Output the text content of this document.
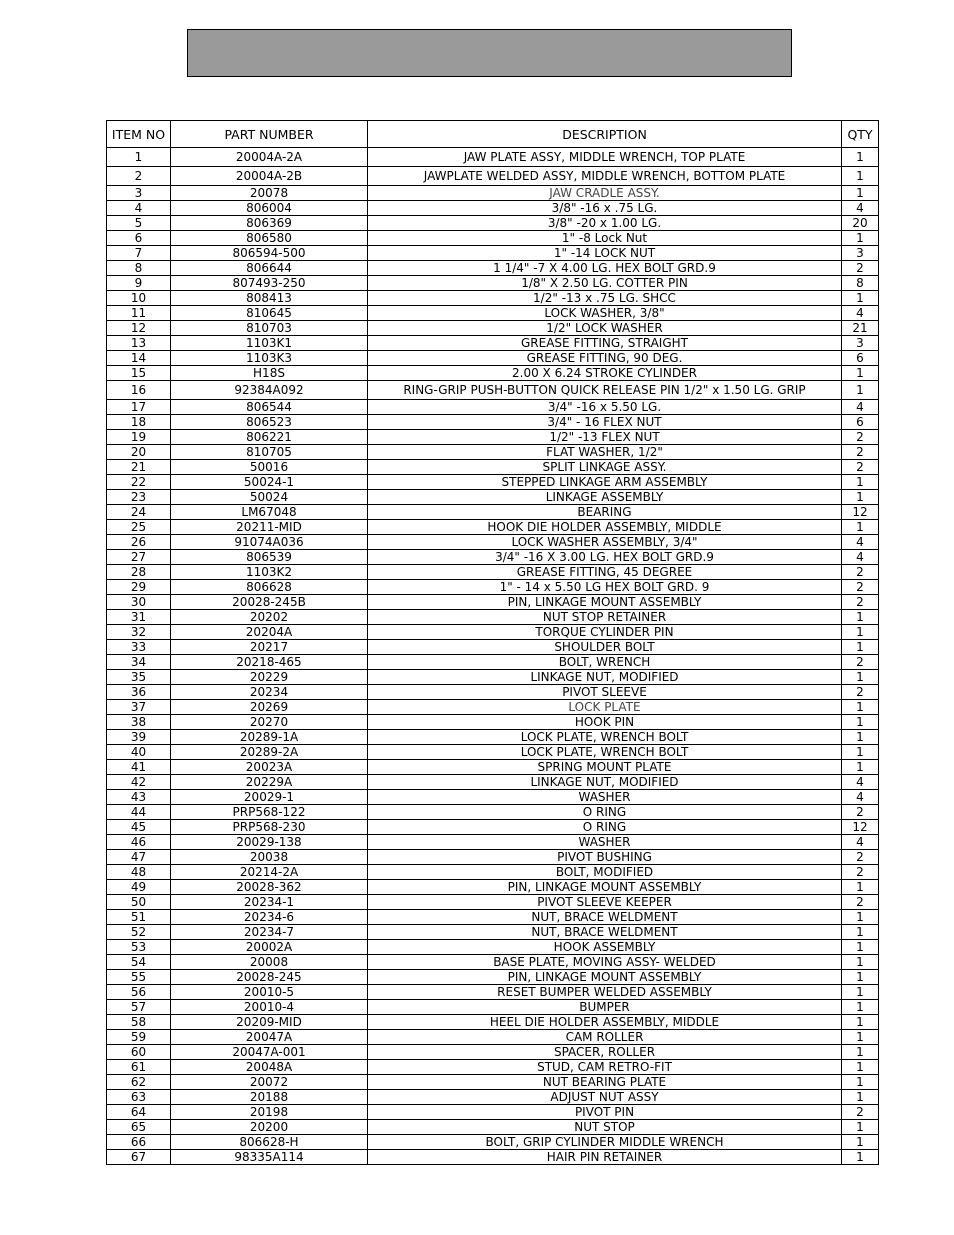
ITEM NO	PART NUMBER	DESCRIPTION	QTY
1	20004A-2A	JAW PLATE ASSY, MIDDLE WRENCH, TOP PLATE	1
2	20004A-2B	JAWPLATE WELDED ASSY, MIDDLE WRENCH, BOTTOM PLATE	1
3	20078	JAW CRADLE ASSY.	1
4	806004	3/8" -16 x .75 LG.	4
5	806369	3/8" -20 x 1.00 LG.	20
6	806580	1" -8 Lock Nut	1
7	806594-500	1" -14 LOCK NUT	3
8	806644	1 1/4" -7 X 4.00 LG. HEX BOLT GRD.9	2
9	807493-250	1/8" X 2.50 LG. COTTER PIN	8
10	808413	1/2" -13 x .75 LG. SHCC	1
11	810645	LOCK WASHER, 3/8"	4
12	810703	1/2" LOCK WASHER	21
13	1103K1	GREASE FITTING, STRAIGHT	3
14	1103K3	GREASE FITTING, 90 DEG.	6
15	H18S	2.00 X 6.24 STROKE CYLINDER	1
16	92384A092	RING-GRIP PUSH-BUTTON QUICK RELEASE PIN 1/2" x 1.50 LG. GRIP	1
17	806544	3/4" -16 x 5.50 LG.	4
18	806523	3/4" - 16 FLEX NUT	6
19	806221	1/2" -13 FLEX NUT	2
20	810705	FLAT WASHER, 1/2"	2
21	50016	SPLIT LINKAGE ASSY.	2
22	50024-1	STEPPED LINKAGE ARM ASSEMBLY	1
23	50024	LINKAGE ASSEMBLY	1
24	LM67048	BEARING	12
25	20211-MID	HOOK DIE HOLDER ASSEMBLY, MIDDLE	1
26	91074A036	LOCK WASHER ASSEMBLY, 3/4"	4
27	806539	3/4" -16 X 3.00 LG. HEX BOLT GRD.9	4
28	1103K2	GREASE FITTING, 45 DEGREE	2
29	806628	1" - 14 x 5.50 LG HEX BOLT GRD. 9	2
30	20028-245B	PIN, LINKAGE MOUNT ASSEMBLY	2
31	20202	NUT STOP RETAINER	1
32	20204A	TORQUE CYLINDER PIN	1
33	20217	SHOULDER BOLT	1
34	20218-465	BOLT, WRENCH	2
35	20229	LINKAGE NUT, MODIFIED	1
36	20234	PIVOT SLEEVE	2
37	20269	LOCK PLATE	1
38	20270	HOOK PIN	1
39	20289-1A	LOCK PLATE, WRENCH BOLT	1
40	20289-2A	LOCK PLATE, WRENCH BOLT	1
41	20023A	SPRING MOUNT PLATE	1
42	20229A	LINKAGE NUT, MODIFIED	4
43	20029-1	WASHER	4
44	PRP568-122	O RING	2
45	PRP568-230	O RING	12
46	20029-138	WASHER	4
47	20038	PIVOT BUSHING	2
48	20214-2A	BOLT, MODIFIED	2
49	20028-362	PIN, LINKAGE MOUNT ASSEMBLY	1
50	20234-1	PIVOT SLEEVE KEEPER	2
51	20234-6	NUT, BRACE WELDMENT	1
52	20234-7	NUT, BRACE WELDMENT	1
53	20002A	HOOK ASSEMBLY	1
54	20008	BASE PLATE, MOVING ASSY- WELDED	1
55	20028-245	PIN, LINKAGE MOUNT ASSEMBLY	1
56	20010-5	RESET BUMPER WELDED ASSEMBLY	1
57	20010-4	BUMPER	1
58	20209-MID	HEEL DIE HOLDER ASSEMBLY, MIDDLE	1
59	20047A	CAM ROLLER	1
60	20047A-001	SPACER, ROLLER	1
61	20048A	STUD, CAM RETRO-FIT	1
62	20072	NUT BEARING PLATE	1
63	20188	ADJUST NUT ASSY	1
64	20198	PIVOT PIN	2
65	20200	NUT STOP	1
66	806628-H	BOLT, GRIP CYLINDER MIDDLE WRENCH	1
67	98335A114	HAIR PIN RETAINER	1
